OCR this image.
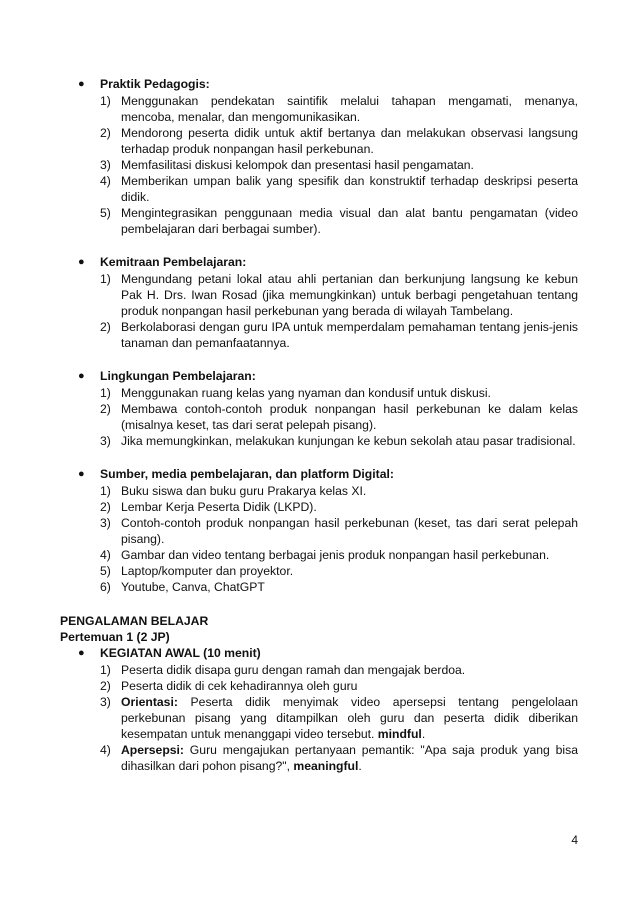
● Praktik Pedagogis:
1) Menggunakan pendekatan saintifik melalui tahapan mengamati, menanya, mencoba, menalar, dan mengomunikasikan.
2) Mendorong peserta didik untuk aktif bertanya dan melakukan observasi langsung terhadap produk nonpangan hasil perkebunan.
3) Memfasilitasi diskusi kelompok dan presentasi hasil pengamatan.
4) Memberikan umpan balik yang spesifik dan konstruktif terhadap deskripsi peserta didik.
5) Mengintegrasikan penggunaan media visual dan alat bantu pengamatan (video pembelajaran dari berbagai sumber).
● Kemitraan Pembelajaran:
1) Mengundang petani lokal atau ahli pertanian dan berkunjung langsung ke kebun Pak H. Drs. Iwan Rosad (jika memungkinkan) untuk berbagi pengetahuan tentang produk nonpangan hasil perkebunan yang berada di wilayah Tambelang.
2) Berkolaborasi dengan guru IPA untuk memperdalam pemahaman tentang jenis-jenis tanaman dan pemanfaatannya.
● Lingkungan Pembelajaran:
1) Menggunakan ruang kelas yang nyaman dan kondusif untuk diskusi.
2) Membawa contoh-contoh produk nonpangan hasil perkebunan ke dalam kelas (misalnya keset, tas dari serat pelepah pisang).
3) Jika memungkinkan, melakukan kunjungan ke kebun sekolah atau pasar tradisional.
● Sumber, media pembelajaran, dan platform Digital:
1) Buku siswa dan buku guru Prakarya kelas XI.
2) Lembar Kerja Peserta Didik (LKPD).
3) Contoh-contoh produk nonpangan hasil perkebunan (keset, tas dari serat pelepah pisang).
4) Gambar dan video tentang berbagai jenis produk nonpangan hasil perkebunan.
5) Laptop/komputer dan proyektor.
6) Youtube, Canva, ChatGPT
PENGALAMAN BELAJAR
Pertemuan 1 (2 JP)
● KEGIATAN AWAL (10 menit)
1) Peserta didik disapa guru dengan ramah dan mengajak berdoa.
2) Peserta didik di cek kehadirannya oleh guru
3) Orientasi: Peserta didik menyimak video apersepsi tentang pengelolaan perkebunan pisang yang ditampilkan oleh guru dan peserta didik diberikan kesempatan untuk menanggapi video tersebut. mindful.
4) Apersepsi: Guru mengajukan pertanyaan pemantik: "Apa saja produk yang bisa dihasilkan dari pohon pisang?", meaningful.
4
